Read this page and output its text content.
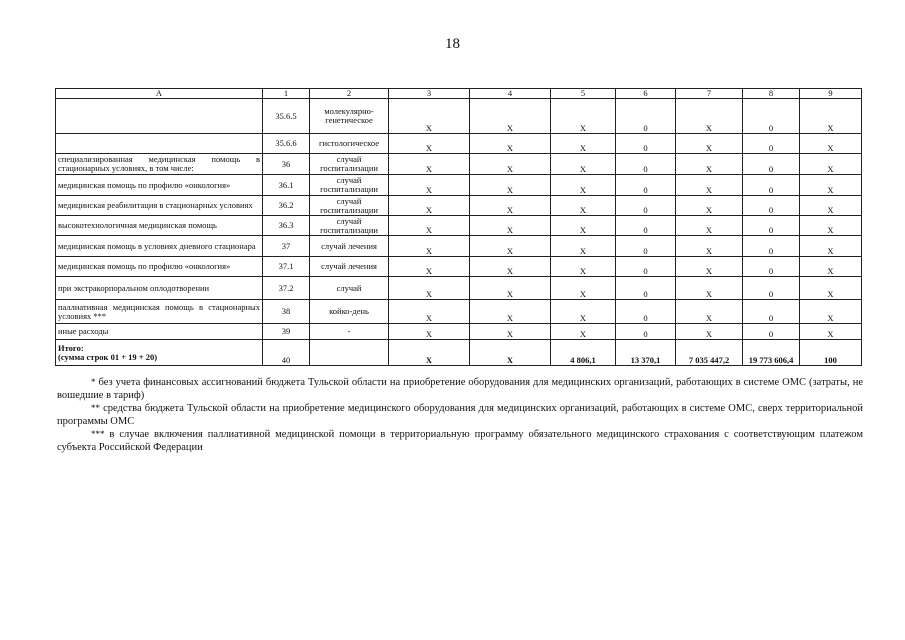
18
А	1	2	3	4	5	6	7	8	9
	35.6.5	молекулярно-генетическое	Х	Х	Х	0	Х	0	Х
	35.6.6	гистологическое	Х	Х	Х	0	Х	0	Х
специализированная медицинская помощь в стационарных условиях, в том числе:	36	случай госпитализации	Х	Х	Х	0	Х	0	Х
медицинская помощь по профилю «онкология»	36.1	случай госпитализации	Х	Х	Х	0	Х	0	Х
медицинская реабилитация в стационарных условиях	36.2	случай госпитализации	Х	Х	Х	0	Х	0	Х
высокотехнологичная медицинская помощь	36.3	случай госпитализации	Х	Х	Х	0	Х	0	Х
медицинская помощь в условиях дневного стационара	37	случай лечения	Х	Х	Х	0	Х	0	Х
медицинская помощь по профилю «онкология»	37.1	случай лечения	Х	Х	Х	0	Х	0	Х
при экстракорпоральном оплодотворении	37.2	случай	Х	Х	Х	0	Х	0	Х
паллиативная медицинская помощь в стационарных условиях ***	38	койко-день	Х	Х	Х	0	Х	0	Х
иные расходы	39	-	Х	Х	Х	0	Х	0	Х
Итого:
(сумма строк 01 + 19 + 20)	40		Х	Х	4 806,1	13 370,1	7 035 447,2	19 773 606,4	100
* без учета финансовых ассигнований бюджета Тульской области на приобретение оборудования для медицинских организаций, работающих в системе ОМС (затраты, не вошедшие в тариф)
** средства бюджета Тульской области на приобретение медицинского оборудования для медицинских организаций, работающих в системе ОМС, сверх территориальной программы ОМС
*** в случае включения паллиативной медицинской помощи в территориальную программу обязательного медицинского страхования с соответствующим платежом субъекта Российской Федерации
